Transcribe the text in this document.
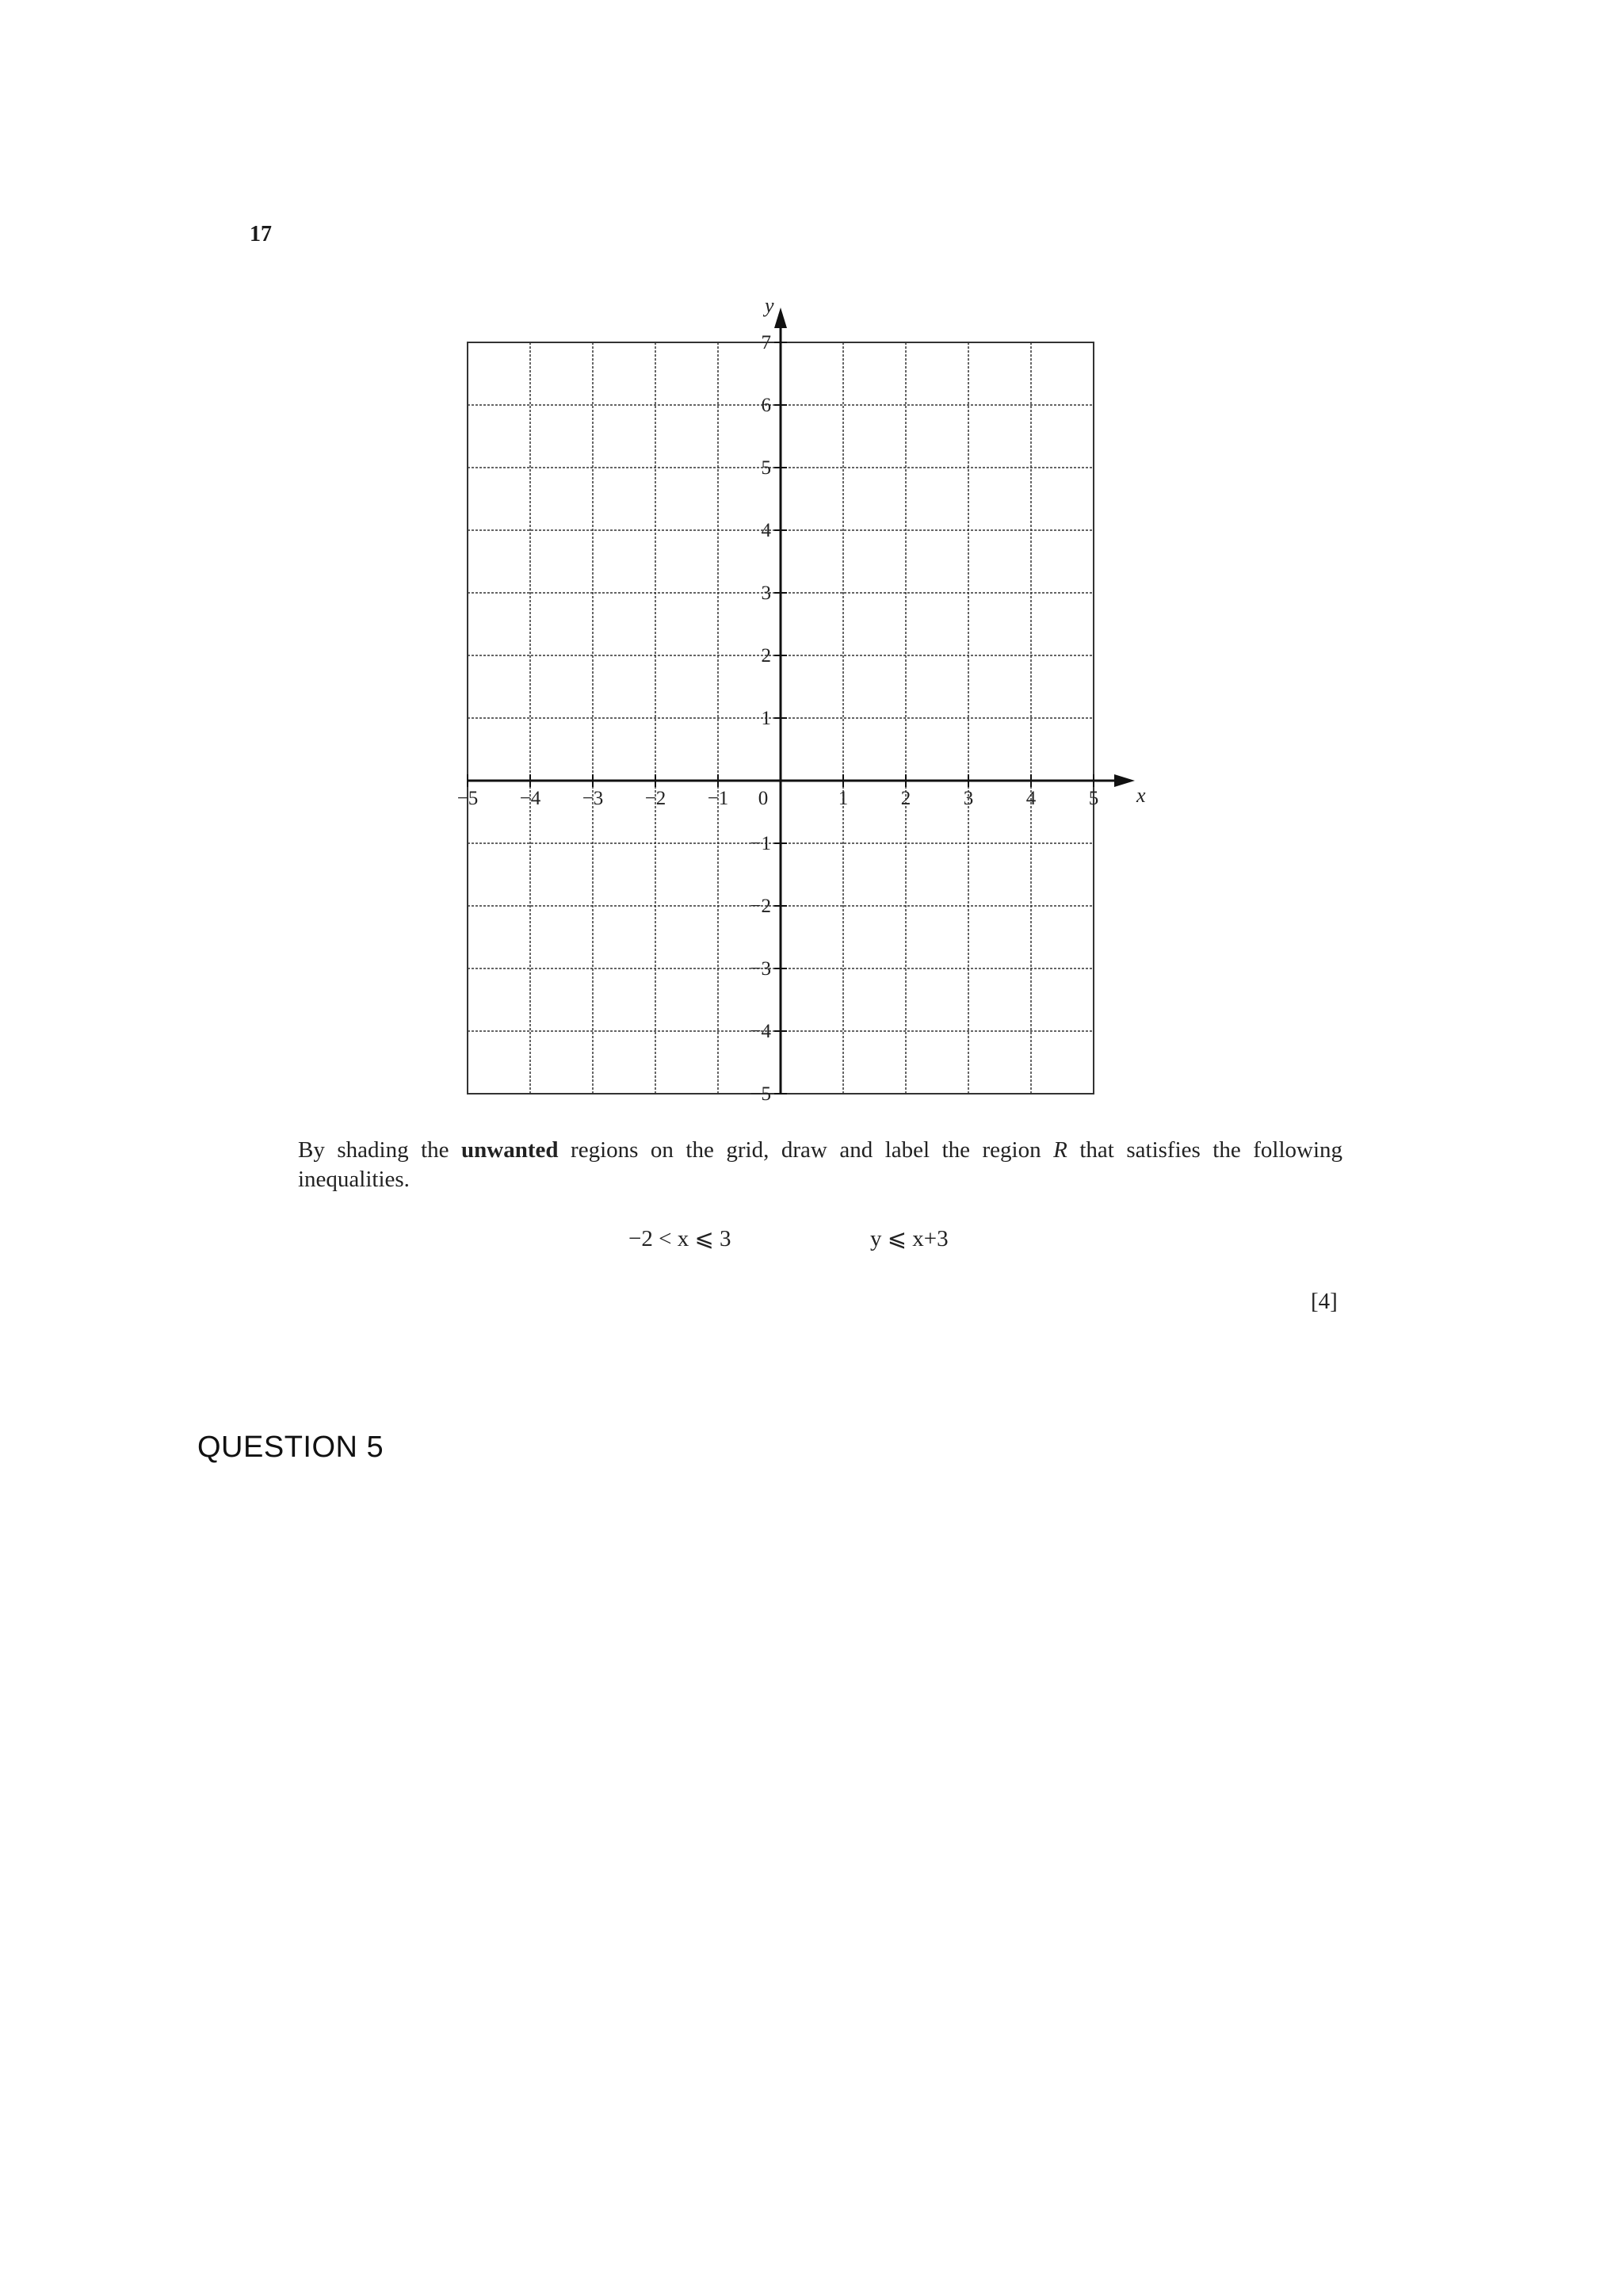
17
−5 −4 −3 −2 −1 0	1	2	3	4	5
7
6
5
4
3
2
1
−1
−2
−3
−4
−5
x
y
By shading the unwanted regions on the grid, draw and label the region R that satisfies the following inequalities.
−2 < x ⩽ 3	y ⩽ x+3
[4]
QUESTION 5
